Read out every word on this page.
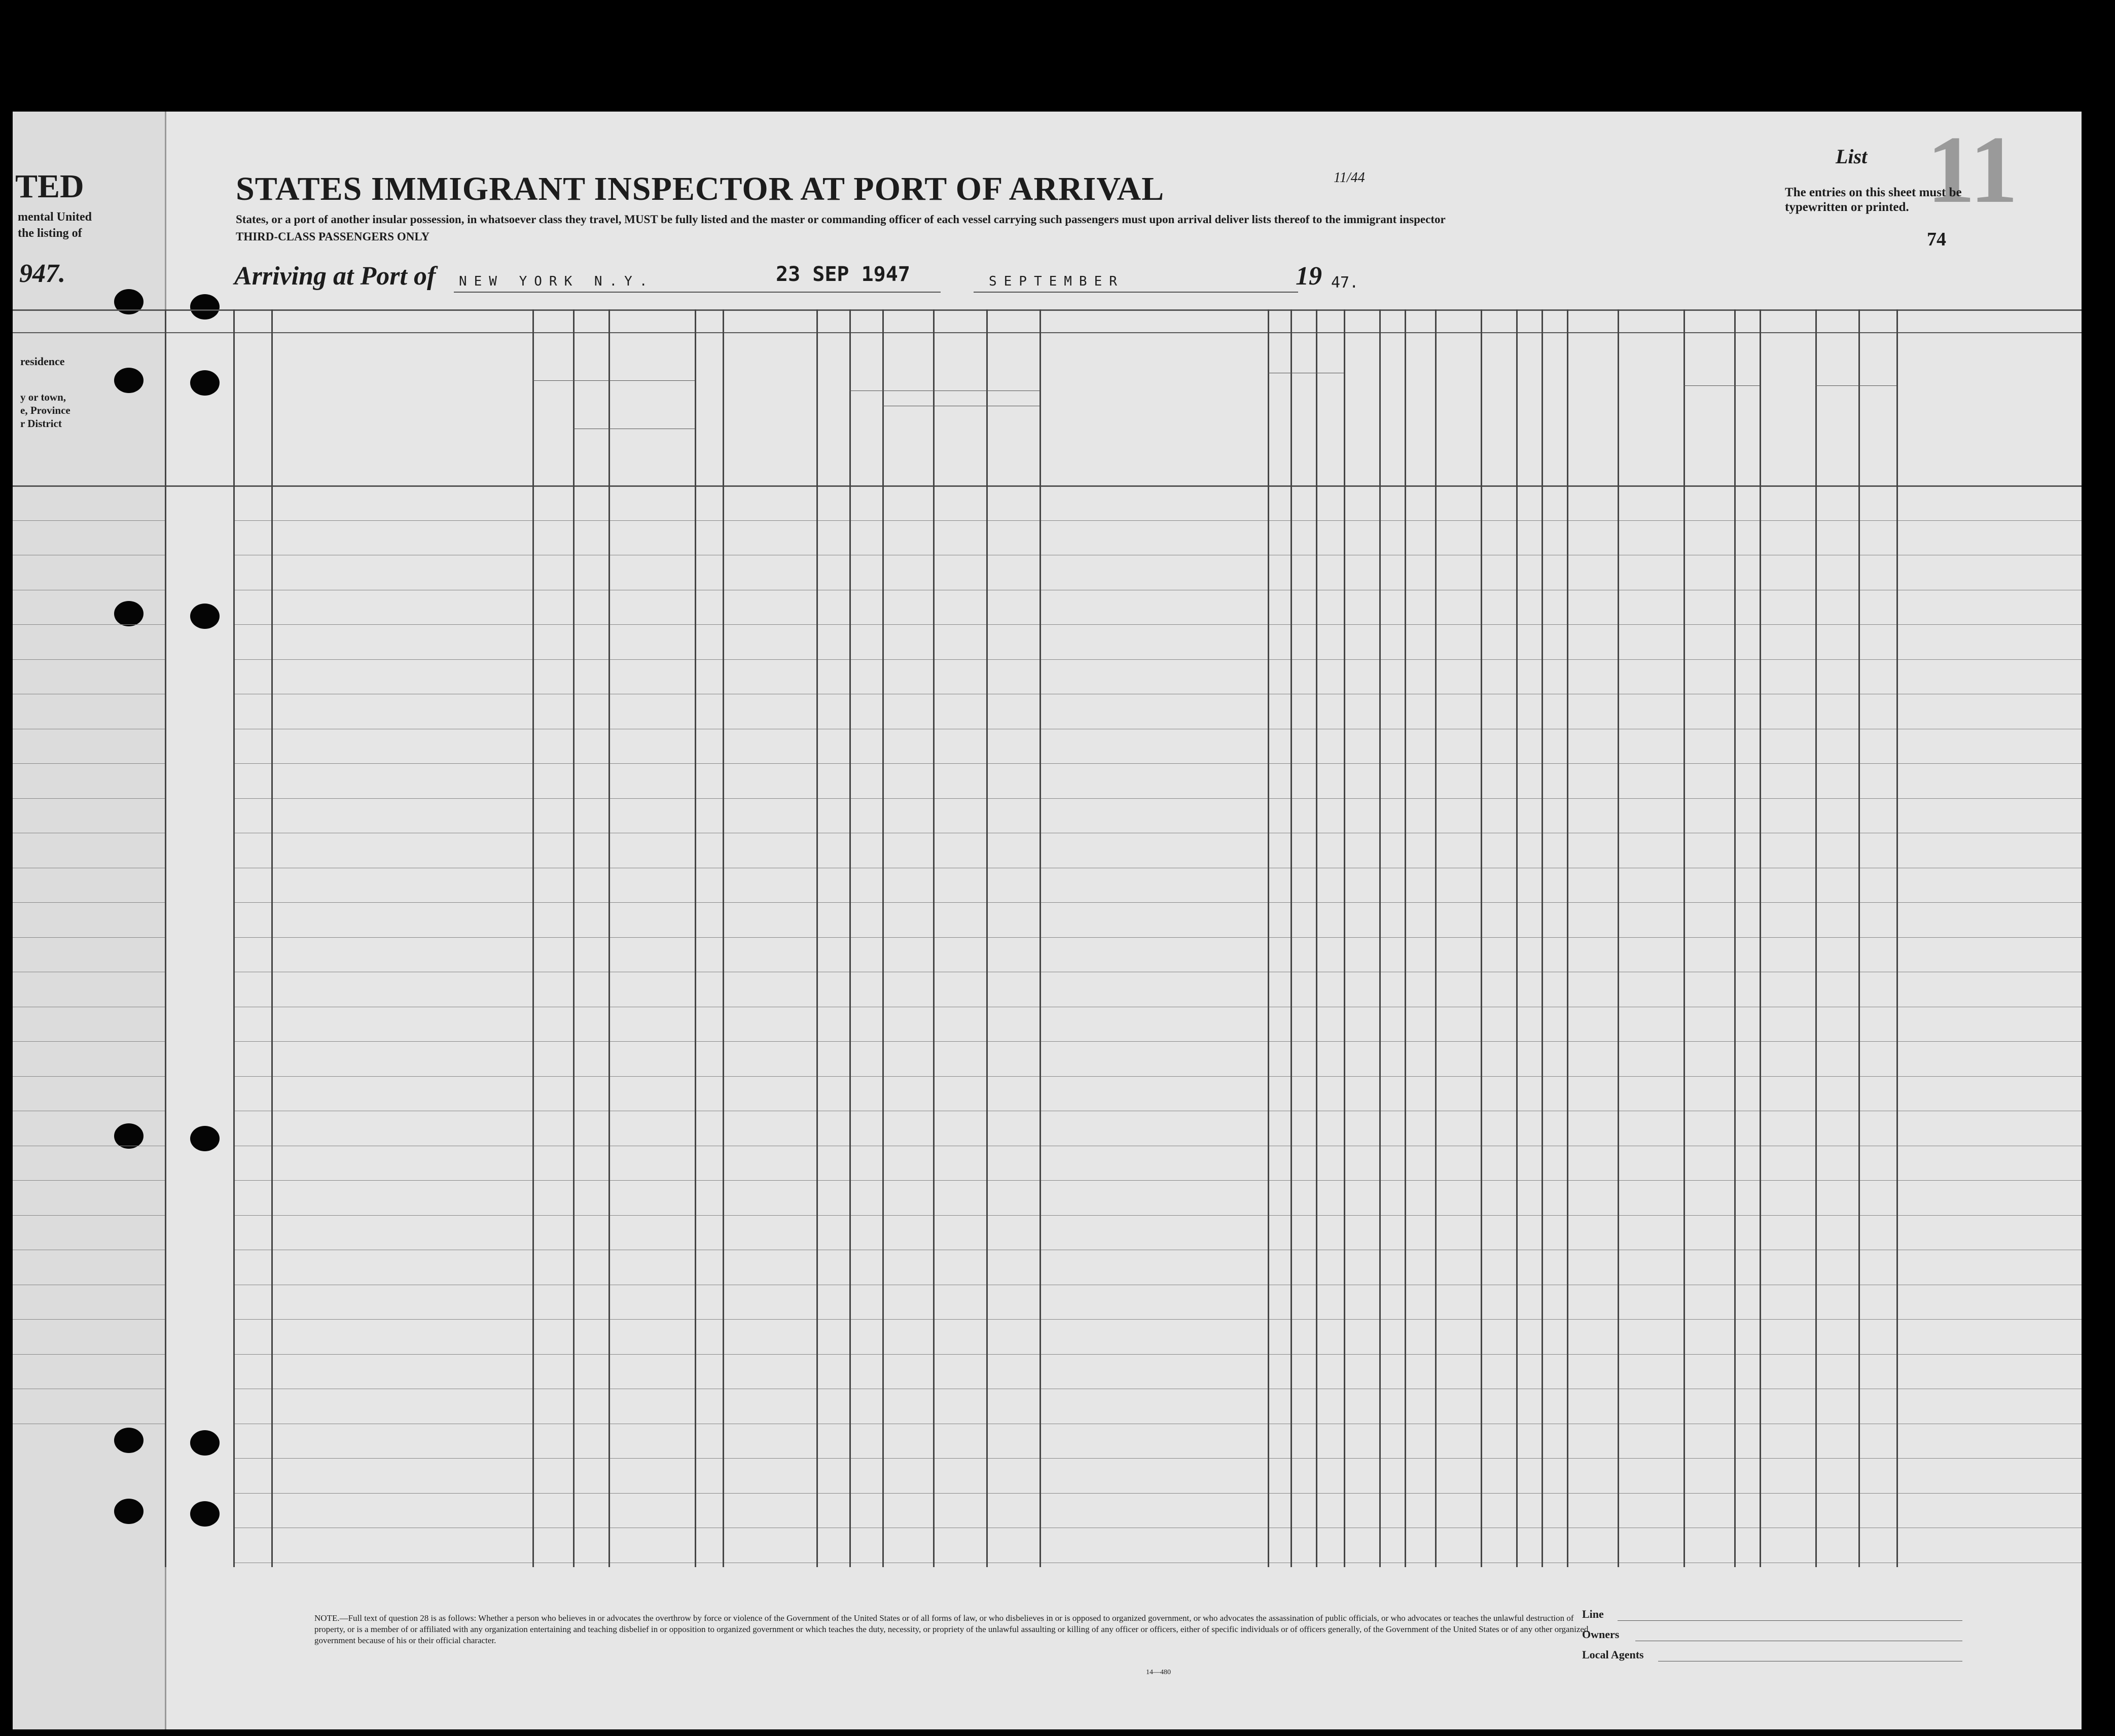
TED
mental United
the listing of
947.
residence
y or town,
e, Province
r District
STATES IMMIGRANT INSPECTOR AT PORT OF ARRIVAL	11/44
States, or a port of another insular possession, in whatsoever class they travel, MUST be fully listed and the master or commanding officer of each vessel carrying such passengers must upon arrival deliver lists thereof to the immigrant inspector
THIRD-CLASS PASSENGERS ONLY
Arriving at Port of NEW YORK N.Y.	23 SEP 1947	SEPTEMBER	19 47.
List 11
The entries on this sheet must be typewritten or printed.
74
NOTE.—Full text of question 28 is as follows: Whether a person who believes in or advocates the overthrow by force or violence of the Government of the United States or of all forms of law, or who disbelieves in or is opposed to organized government, or who advocates the assassination of public officials, or who advocates or teaches the unlawful destruction of property, or is a member of or affiliated with any organization entertaining and teaching disbelief in or opposition to organized government or which teaches the duty, necessity, or propriety of the unlawful assaulting or killing of any officer or officers, either of specific individuals or of officers generally, of the Government of the United States or of any other organized government because of his or their official character.
14—480
Line
Owners
Local Agents
